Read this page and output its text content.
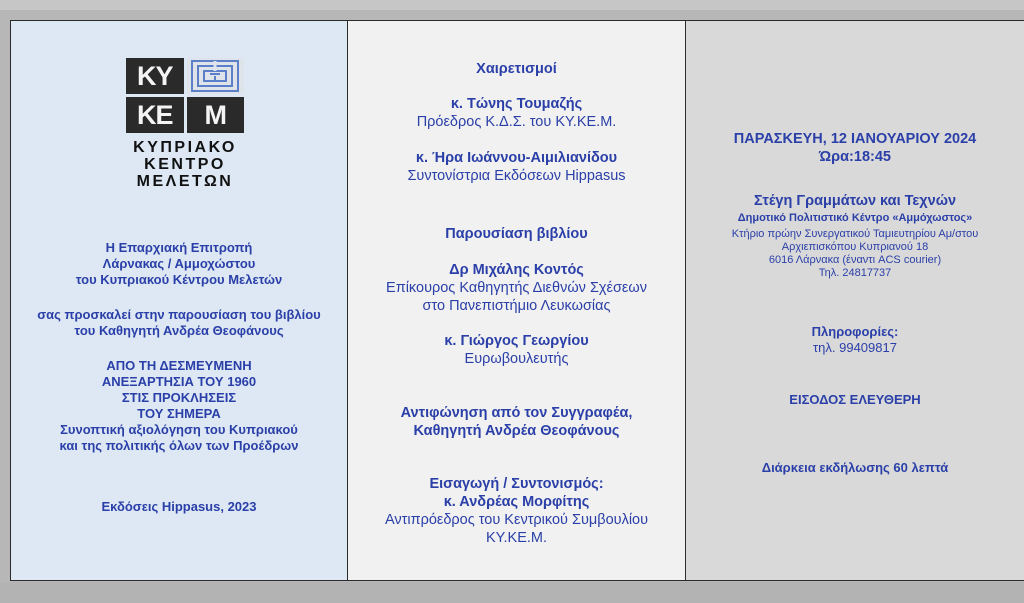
ΚΥ
ΚΕ	Μ
ΚΥΠΡΙΑΚΟ
ΚΕΝΤΡΟ
ΜΕΛΕΤΩΝ
Η Επαρχιακή Επιτροπή
Λάρνακας / Αμμοχώστου
του Κυπριακού Κέντρου Μελετών
σας προσκαλεί στην παρουσίαση του βιβλίου
του Καθηγητή Ανδρέα Θεοφάνους
ΑΠΟ ΤΗ ΔΕΣΜΕΥΜΕΝΗ
ΑΝΕΞΑΡΤΗΣΙΑ ΤΟΥ 1960
ΣΤΙΣ ΠΡΟΚΛΗΣΕΙΣ
ΤΟΥ ΣΗΜΕΡΑ
Συνοπτική αξιολόγηση του Κυπριακού
και της πολιτικής όλων των Προέδρων
Εκδόσεις Hippasus, 2023
Χαιρετισμοί
κ. Τώνης Τουμαζής
Πρόεδρος Κ.Δ.Σ. του ΚΥ.ΚΕ.Μ.
κ. Ήρα Ιωάννου-Αιμιλιανίδου
Συντονίστρια Εκδόσεων Hippasus
Παρουσίαση βιβλίου
Δρ Μιχάλης Κοντός
Επίκουρος Καθηγητής Διεθνών Σχέσεων
στο Πανεπιστήμιο Λευκωσίας
κ. Γιώργος Γεωργίου
Ευρωβουλευτής
Αντιφώνηση από τον Συγγραφέα,
Καθηγητή Ανδρέα Θεοφάνους
Εισαγωγή / Συντονισμός:
κ. Ανδρέας Μορφίτης
Αντιπρόεδρος του Κεντρικού Συμβουλίου
ΚΥ.ΚΕ.Μ.
ΠΑΡΑΣΚΕΥΗ, 12 ΙΑΝΟΥΑΡΙΟΥ 2024
Ώρα:18:45
Στέγη Γραμμάτων και Τεχνών
Δημοτικό Πολιτιστικό Κέντρο «Αμμόχωστος»
Κτήριο πρώην Συνεργατικού Ταμιευτηρίου Αμ/στου
Αρχιεπισκόπου Κυπριανού 18
6016 Λάρνακα (έναντι ACS courier)
Τηλ. 24817737
Πληροφορίες:
τηλ. 99409817
ΕΙΣΟΔΟΣ ΕΛΕΥΘΕΡΗ
Διάρκεια εκδήλωσης 60 λεπτά
